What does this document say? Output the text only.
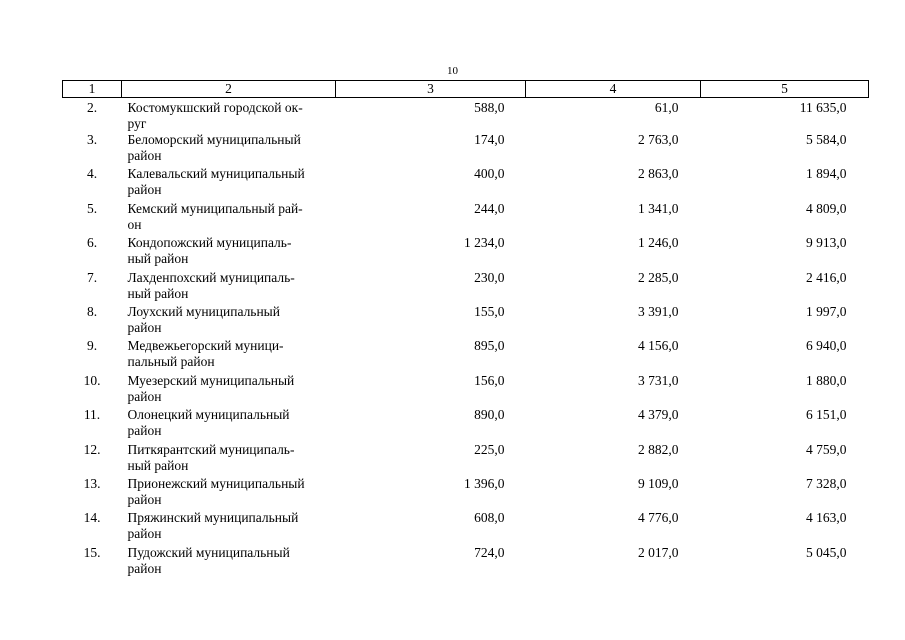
10
1	2	3	4	5
2.	Костомукшский городской ок-
руг	588,0	61,0	11 635,0
3.	Беломорский муниципальный
район	174,0	2 763,0	5 584,0
4.	Калевальский муниципальный
район	400,0	2 863,0	1 894,0
5.	Кемский муниципальный рай-
он	244,0	1 341,0	4 809,0
6.	Кондопожский муниципаль-
ный район	1 234,0	1 246,0	9 913,0
7.	Лахденпохский муниципаль-
ный район	230,0	2 285,0	2 416,0
8.	Лоухский муниципальный
район	155,0	3 391,0	1 997,0
9.	Медвежьегорский муници-
пальный район	895,0	4 156,0	6 940,0
10.	Муезерский муниципальный
район	156,0	3 731,0	1 880,0
11.	Олонецкий муниципальный
район	890,0	4 379,0	6 151,0
12.	Питкярантский муниципаль-
ный район	225,0	2 882,0	4 759,0
13.	Прионежский муниципальный
район	1 396,0	9 109,0	7 328,0
14.	Пряжинский муниципальный
район	608,0	4 776,0	4 163,0
15.	Пудожский муниципальный
район	724,0	2 017,0	5 045,0
